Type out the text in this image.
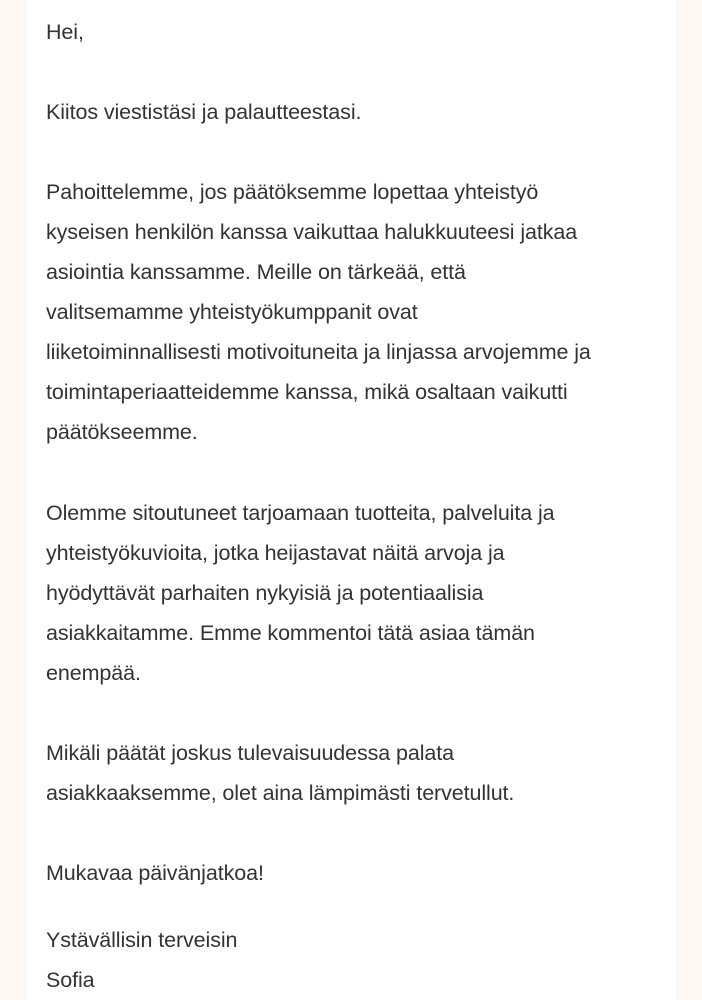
Hei,
Kiitos viestistäsi ja palautteestasi.
Pahoittelemme, jos päätöksemme lopettaa yhteistyö
kyseisen henkilön kanssa vaikuttaa halukkuuteesi jatkaa
asiointia kanssamme. Meille on tärkeää, että
valitsemamme yhteistyökumppanit ovat
liiketoiminnallisesti motivoituneita ja linjassa arvojemme ja
toimintaperiaatteidemme kanssa, mikä osaltaan vaikutti
päätökseemme.
Olemme sitoutuneet tarjoamaan tuotteita, palveluita ja
yhteistyökuvioita, jotka heijastavat näitä arvoja ja
hyödyttävät parhaiten nykyisiä ja potentiaalisia
asiakkaitamme. Emme kommentoi tätä asiaa tämän
enempää.
Mikäli päätät joskus tulevaisuudessa palata
asiakkaaksemme, olet aina lämpimästi tervetullut.
Mukavaa päivänjatkoa!
Ystävällisin terveisin
Sofia
